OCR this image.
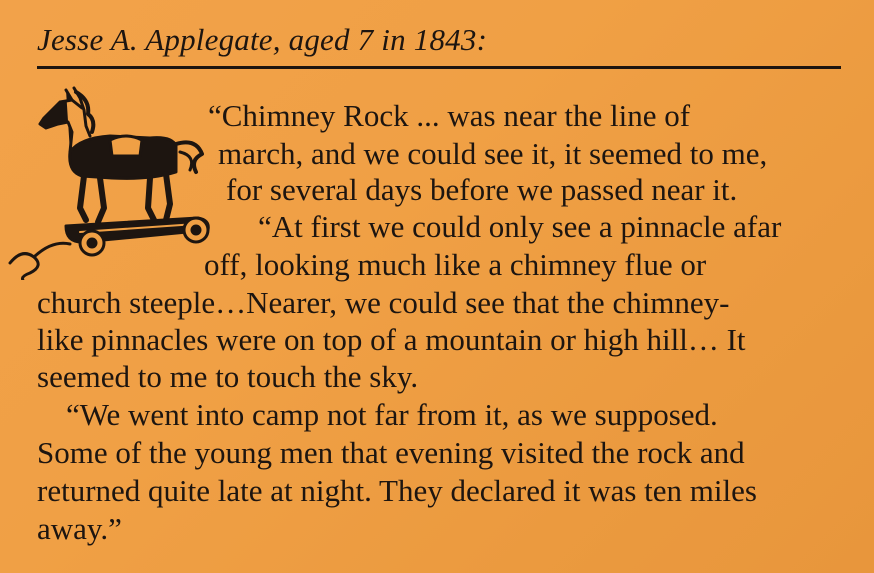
Jesse A. Applegate, aged 7 in 1843:
“Chimney Rock ... was near the line of
march, and we could see it, it seemed to me,
for several days before we passed near it.
“At first we could only see a pinnacle afar
off, looking much like a chimney flue or
church steeple…Nearer, we could see that the chimney-
like pinnacles were on top of a mountain or high hill… It
seemed to me to touch the sky.
“We went into camp not far from it, as we supposed.
Some of the young men that evening visited the rock and
returned quite late at night. They declared it was ten miles
away.”
